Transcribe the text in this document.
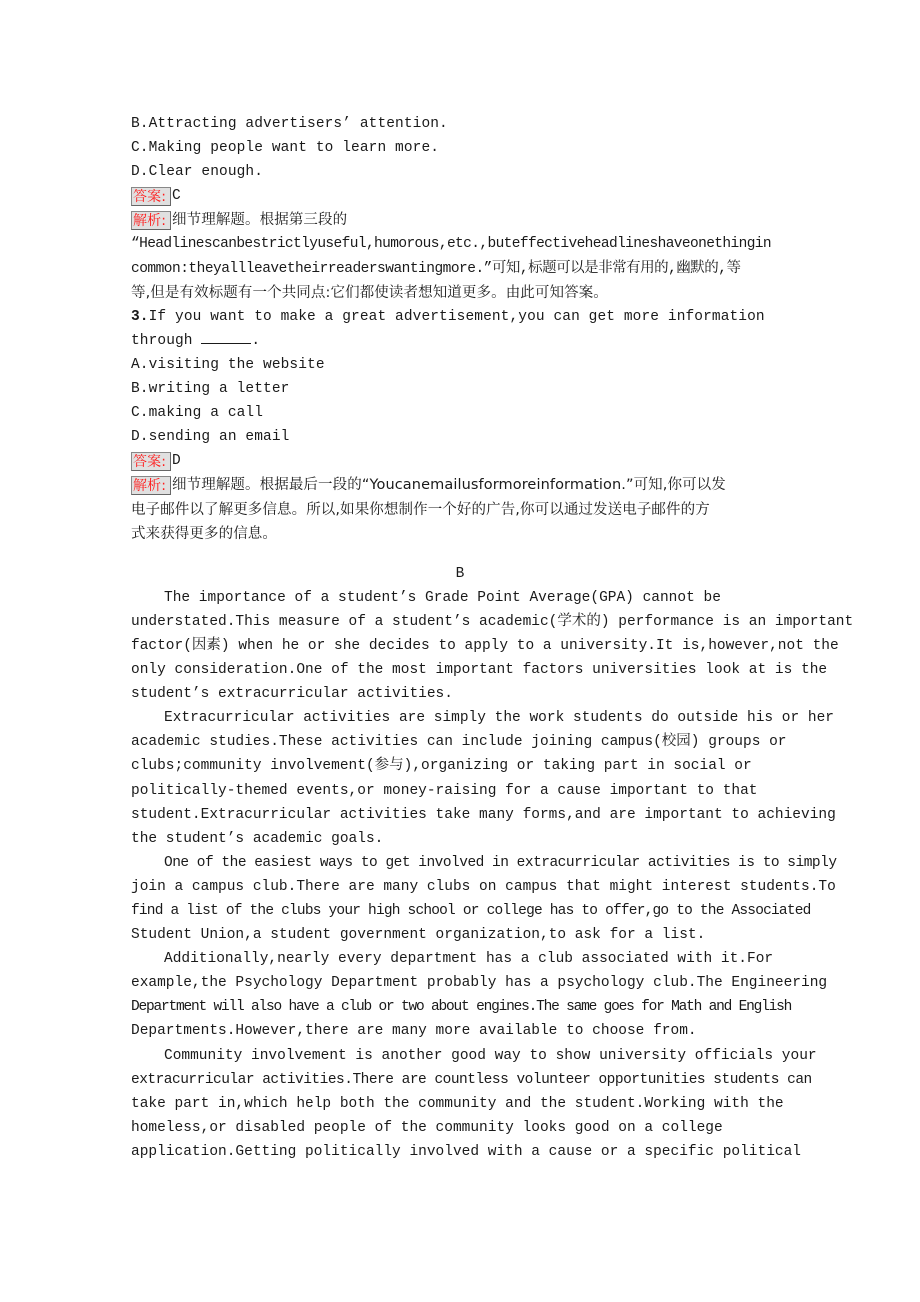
B.Attracting advertisers’ attention.
C.Making people want to learn more.
D.Clear enough.
答案: C
解析: 细节理解题。根据第三段的
“Headlinescanbestrictlyuseful,humorous,etc.,buteffectiveheadlineshaveonethingin
common:theyallleavetheirreaderswantingmore.”可知,标题可以是非常有用的,幽默的,等
等,但是有效标题有一个共同点:它们都使读者想知道更多。由此可知答案。
3.If you want to make a great advertisement,you can get more information
through	.
A.visiting the website
B.writing a letter
C.making a call
D.sending an email
答案: D
解析: 细节理解题。根据最后一段的“Youcanemailusformoreinformation.”可知,你可以发
电子邮件以了解更多信息。所以,如果你想制作一个好的广告,你可以通过发送电子邮件的方
式来获得更多的信息。
B
The importance of a student’s Grade Point Average(GPA) cannot be
understated.This measure of a student’s academic(学术的) performance is an important
factor(因素) when he or she decides to apply to a university.It is,however,not the
only consideration.One of the most important factors universities look at is the
student’s extracurricular activities.
Extracurricular activities are simply the work students do outside his or her
academic studies.These activities can include joining campus(校园) groups or
clubs;community involvement(参与),organizing or taking part in social or
politically-themed events,or money-raising for a cause important to that
student.Extracurricular activities take many forms,and are important to achieving
the student’s academic goals.
One of the easiest ways to get involved in extracurricular activities is to simply
join a campus club.There are many clubs on campus that might interest students.To
find a list of the clubs your high school or college has to offer,go to the Associated
Student Union,a student government organization,to ask for a list.
Additionally,nearly every department has a club associated with it.For
example,the Psychology Department probably has a psychology club.The Engineering
Department will also have a club or two about engines.The same goes for Math and English
Departments.However,there are many more available to choose from.
Community involvement is another good way to show university officials your
extracurricular activities.There are countless volunteer opportunities students can
take part in,which help both the community and the student.Working with the
homeless,or disabled people of the community looks good on a college
application.Getting politically involved with a cause or a specific political
